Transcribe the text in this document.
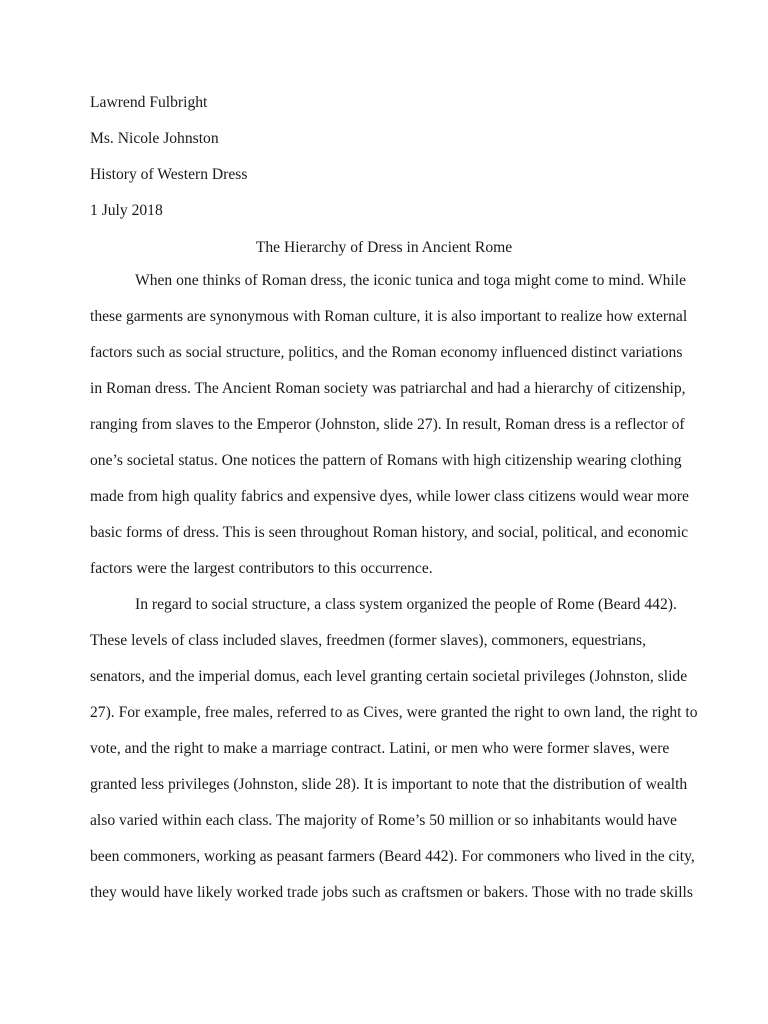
Lawrend Fulbright
Ms. Nicole Johnston
History of Western Dress
1 July 2018
The Hierarchy of Dress in Ancient Rome
When one thinks of Roman dress, the iconic tunica and toga might come to mind. While
these garments are synonymous with Roman culture, it is also important to realize how external
factors such as social structure, politics, and the Roman economy influenced distinct variations
in Roman dress. The Ancient Roman society was patriarchal and had a hierarchy of citizenship,
ranging from slaves to the Emperor (Johnston, slide 27). In result, Roman dress is a reflector of
one’s societal status. One notices the pattern of Romans with high citizenship wearing clothing
made from high quality fabrics and expensive dyes, while lower class citizens would wear more
basic forms of dress. This is seen throughout Roman history, and social, political, and economic
factors were the largest contributors to this occurrence.
In regard to social structure, a class system organized the people of Rome (Beard 442).
These levels of class included slaves, freedmen (former slaves), commoners, equestrians,
senators, and the imperial domus, each level granting certain societal privileges (Johnston, slide
27). For example, free males, referred to as Cives, were granted the right to own land, the right to
vote, and the right to make a marriage contract. Latini, or men who were former slaves, were
granted less privileges (Johnston, slide 28). It is important to note that the distribution of wealth
also varied within each class. The majority of Rome’s 50 million or so inhabitants would have
been commoners, working as peasant farmers (Beard 442). For commoners who lived in the city,
they would have likely worked trade jobs such as craftsmen or bakers. Those with no trade skills
